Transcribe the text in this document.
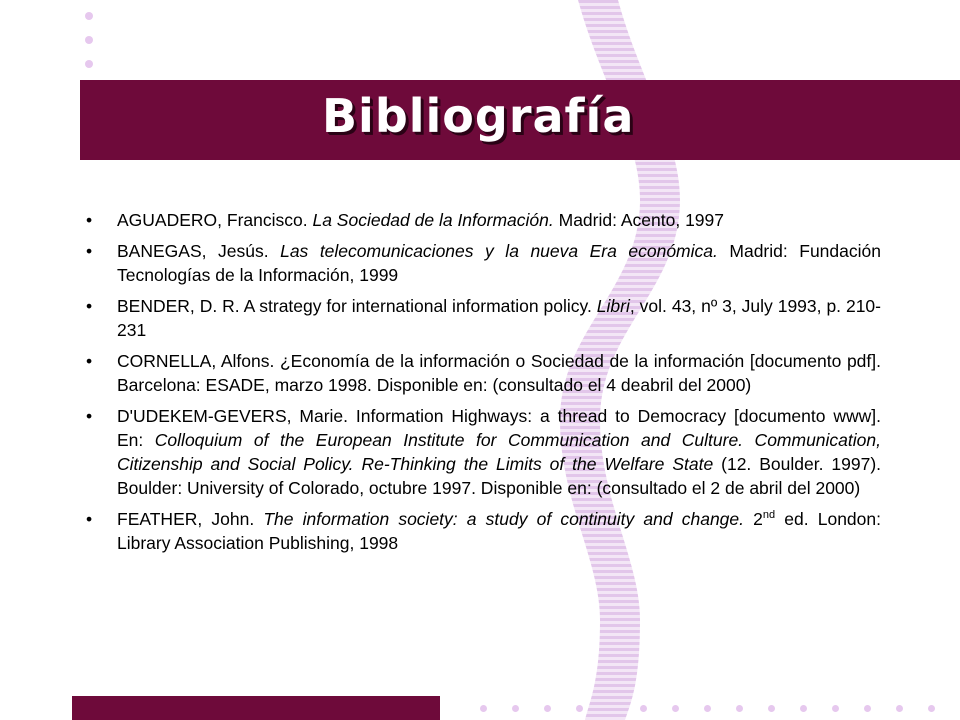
Bibliografía
• AGUADERO, Francisco. La Sociedad de la Información. Madrid: Acento, 1997
• BANEGAS, Jesús. Las telecomunicaciones y la nueva Era económica. Madrid: Fundación Tecnologías de la Información, 1999
• BENDER, D. R. A strategy for international information policy. Libri, vol. 43, nº 3, July 1993, p. 210-231
• CORNELLA, Alfons. ¿Economía de la información o Sociedad de la información [documento pdf]. Barcelona: ESADE, marzo 1998. Disponible en: (consultado el 4 deabril del 2000)
• D'UDEKEM-GEVERS, Marie. Information Highways: a thread to Democracy [documento www]. En: Colloquium of the European Institute for Communication and Culture. Communication, Citizenship and Social Policy. Re-Thinking the Limits of the Welfare State (12. Boulder. 1997). Boulder: University of Colorado, octubre 1997. Disponible en: (consultado el 2 de abril del 2000)
• FEATHER, John. The information society: a study of continuity and change. 2nd ed. London: Library Association Publishing, 1998
